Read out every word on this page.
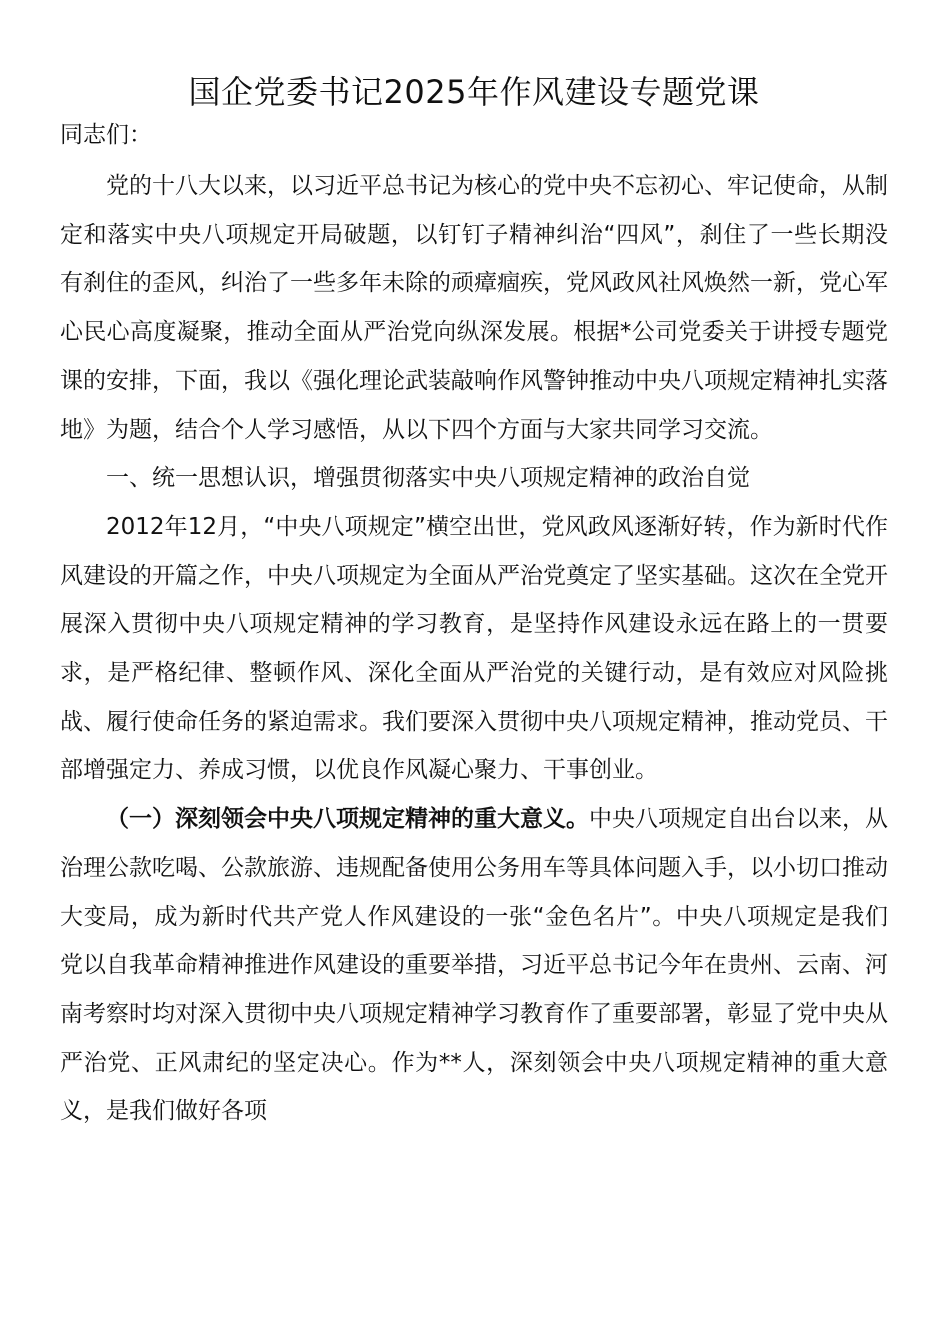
国企党委书记2025年作风建设专题党课

同志们：

党的十八大以来，以习近平总书记为核心的党中央不忘初心、牢记使命，从制定和落实中央八项规定开局破题，以钉钉子精神纠治“四风”，刹住了一些长期没有刹住的歪风，纠治了一些多年未除的顽瘴痼疾，党风政风社风焕然一新，党心军心民心高度凝聚，推动全面从严治党向纵深发展。根据*公司党委关于讲授专题党课的安排，下面，我以《强化理论武装敲响作风警钟推动中央八项规定精神扎实落地》为题，结合个人学习感悟，从以下四个方面与大家共同学习交流。

一、统一思想认识，增强贯彻落实中央八项规定精神的政治自觉

2012年12月，“中央八项规定”横空出世，党风政风逐渐好转，作为新时代作风建设的开篇之作，中央八项规定为全面从严治党奠定了坚实基础。这次在全党开展深入贯彻中央八项规定精神的学习教育，是坚持作风建设永远在路上的一贯要求，是严格纪律、整顿作风、深化全面从严治党的关键行动，是有效应对风险挑战、履行使命任务的紧迫需求。我们要深入贯彻中央八项规定精神，推动党员、干部增强定力、养成习惯，以优良作风凝心聚力、干事创业。

（一）深刻领会中央八项规定精神的重大意义。中央八项规定自出台以来，从治理公款吃喝、公款旅游、违规配备使用公务用车等具体问题入手，以小切口推动大变局，成为新时代共产党人作风建设的一张“金色名片”。中央八项规定是我们党以自我革命精神推进作风建设的重要举措，习近平总书记今年在贵州、云南、河南考察时均对深入贯彻中央八项规定精神学习教育作了重要部署，彰显了党中央从严治党、正风肃纪的坚定决心。作为**人，深刻领会中央八项规定精神的重大意义，是我们做好各项
